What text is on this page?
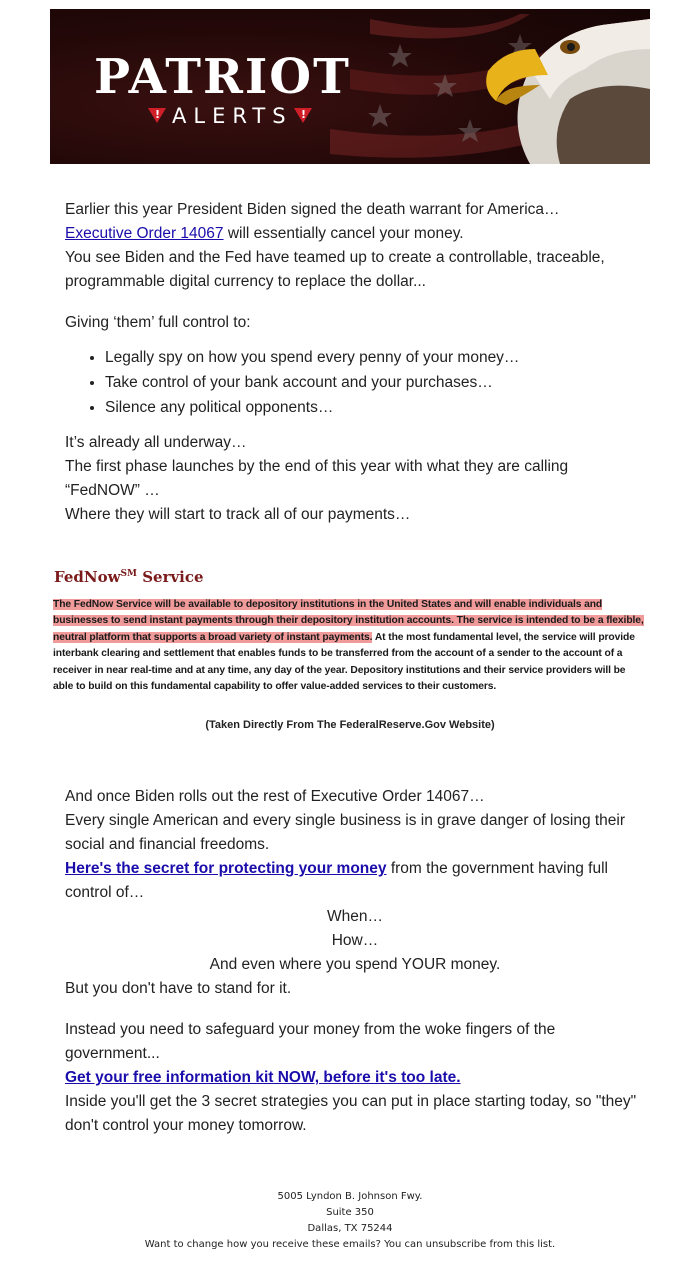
PATRIOT
! ALERTS !

Earlier this year President Biden signed the death warrant for America…

Executive Order 14067 will essentially cancel your money.

You see Biden and the Fed have teamed up to create a controllable, traceable, programmable digital currency to replace the dollar...

Giving ‘them’ full control to:
• Legally spy on how you spend every penny of your money…
• Take control of your bank account and your purchases…
• Silence any political opponents…

It’s already all underway…

The first phase launches by the end of this year with what they are calling “FedNOW” …

Where they will start to track all of our payments…

FedNow℠ Service
The FedNow Service will be available to depository institutions in the United States and will enable individuals and businesses to send instant payments through their depository institution accounts. The service is intended to be a flexible, neutral platform that supports a broad variety of instant payments. At the most fundamental level, the service will provide interbank clearing and settlement that enables funds to be transferred from the account of a sender to the account of a receiver in near real-time and at any time, any day of the year. Depository institutions and their service providers will be able to build on this fundamental capability to offer value-added services to their customers.
(Taken Directly From The FederalReserve.Gov Website)

And once Biden rolls out the rest of Executive Order 14067…

Every single American and every single business is in grave danger of losing their social and financial freedoms.

Here's the secret for protecting your money from the government having full control of…

When…

How…

And even where you spend YOUR money.

But you don't have to stand for it.

Instead you need to safeguard your money from the woke fingers of the government...

Get your free information kit NOW, before it's too late.

Inside you'll get the 3 secret strategies you can put in place starting today, so "they" don't control your money tomorrow.

5005 Lyndon B. Johnson Fwy.
Suite 350
Dallas, TX 75244
Want to change how you receive these emails? You can unsubscribe from this list.
